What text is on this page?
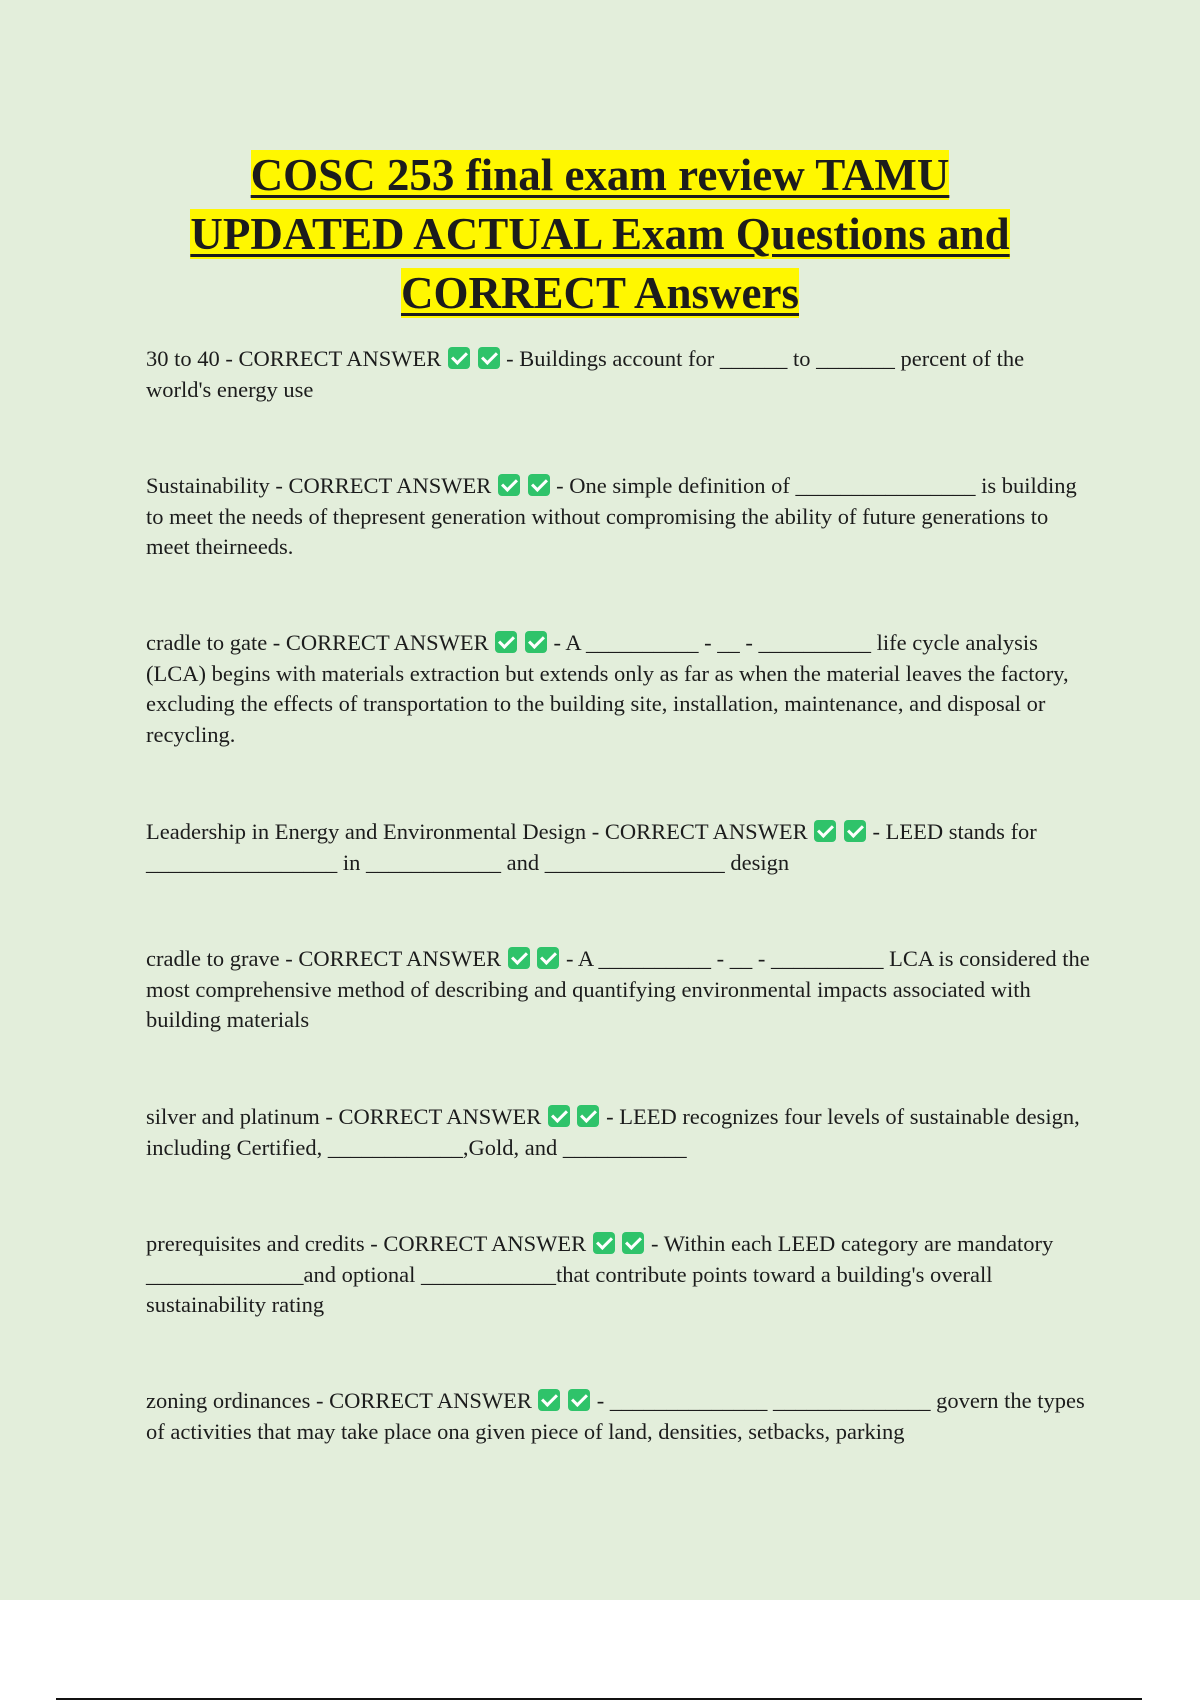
COSC 253 final exam review TAMU
UPDATED ACTUAL Exam Questions and
CORRECT Answers

30 to 40 - CORRECT ANSWER	- Buildings account for ______ to _______ percent of the world's energy use

Sustainability - CORRECT ANSWER	- One simple definition of ________________ is building to meet the needs of thepresent generation without compromising the ability of future generations to meet theirneeds.

cradle to gate - CORRECT ANSWER	- A __________ - __ - __________ life cycle analysis (LCA) begins with materials extraction but extends only as far as when the material leaves the factory, excluding the effects of transportation to the building site, installation, maintenance, and disposal or recycling.

Leadership in Energy and Environmental Design - CORRECT ANSWER	- LEED stands for _________________ in ____________ and ________________ design

cradle to grave - CORRECT ANSWER	- A __________ - __ - __________ LCA is considered the most comprehensive method of describing and quantifying environmental impacts associated with building materials

silver and platinum - CORRECT ANSWER	- LEED recognizes four levels of sustainable design, including Certified, ____________,Gold, and ___________

prerequisites and credits - CORRECT ANSWER	- Within each LEED category are mandatory ______________and optional ____________that contribute points toward a building's overall sustainability rating

zoning ordinances - CORRECT ANSWER	- ______________ ______________ govern the types of activities that may take place ona given piece of land, densities, setbacks, parking
